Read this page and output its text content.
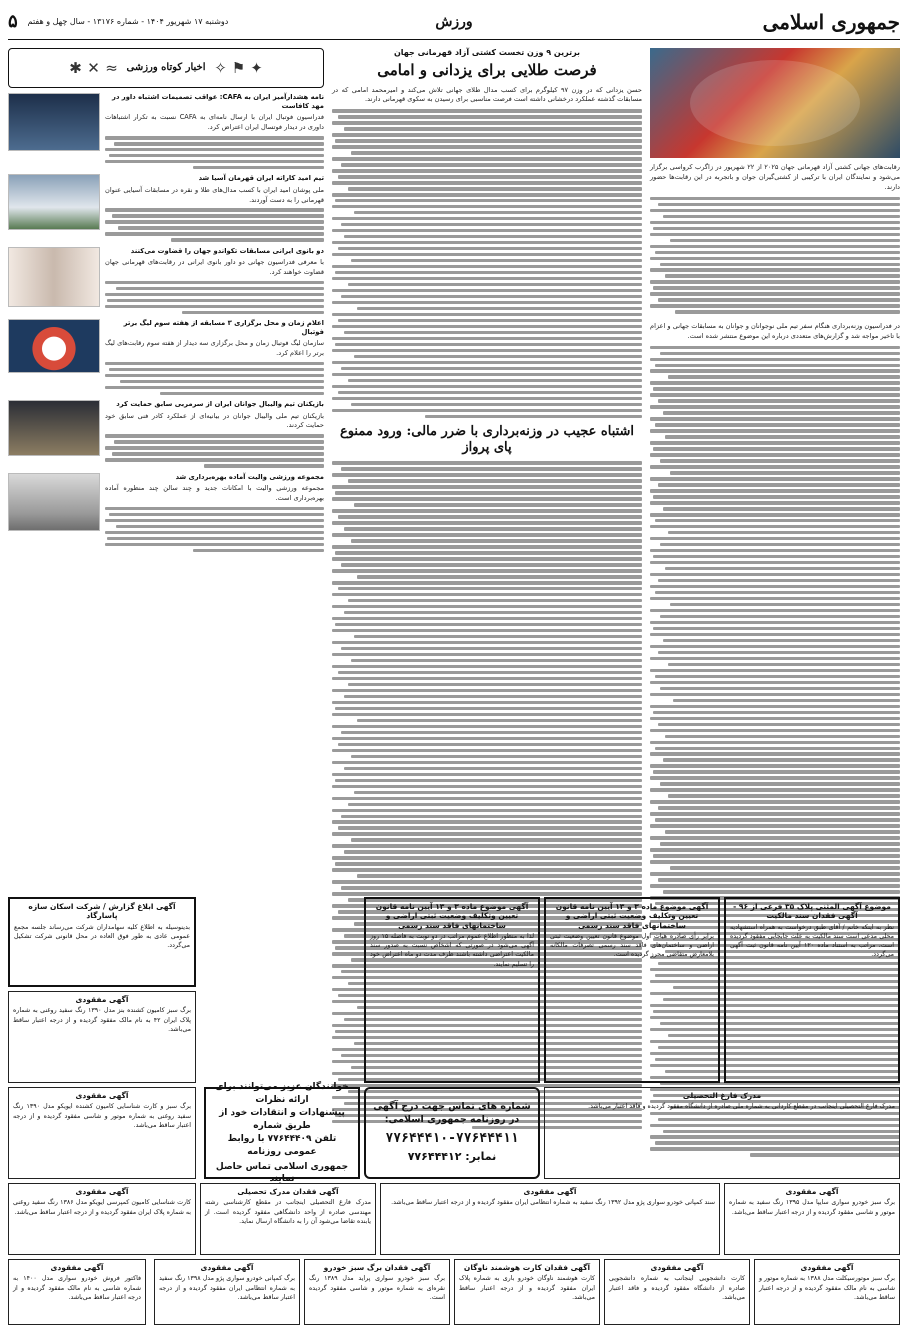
جمهوری اسلامی
ورزش
دوشنبه ۱۷ شهریور ۱۴۰۴ - شماره ۱۳۱۷۶ - سال چهل و هفتم
۵

رقابت‌های جهانی کشتی آزاد قهرمانی جهان ۲۰۲۵ از ۲۲ شهریور در زاگرب کرواسی برگزار می‌شود و نمایندگان ایران با ترکیبی از کشتی‌گیران جوان و باتجربه در این رقابت‌ها حضور دارند.

در فدراسیون وزنه‌برداری هنگام سفر تیم ملی نوجوانان و جوانان به مسابقات جهانی و اعزام با تاخیر مواجه شد و گزارش‌های متعددی درباره این موضوع منتشر شده است.

برترین ۹ وزن تخست کشتی آزاد قهرمانی جهان
فرصت طلایی برای یزدانی و امامی

حسن یزدانی که در وزن ۹۷ کیلوگرم برای کسب مدال طلای جهانی تلاش می‌کند و امیرمحمد امامی که در مسابقات گذشته عملکرد درخشانی داشته است فرصت مناسبی برای رسیدن به سکوی قهرمانی دارند.

اشتباه عجیب در وزنه‌برداری با ضرر مالی: ورود ممنوع پای پرواز
✦
⚑
✧
اخبار کوتاه ورزشی
≈
✕
✱
نامه هشدارآمیز ایران به CAFA: عواقب تصمیمات اشتباه داور در مهد کافاست

فدراسیون فوتبال ایران با ارسال نامه‌ای به CAFA نسبت به تکرار اشتباهات داوری در دیدار فوتسال ایران اعتراض کرد.

تیم امید کاراته ایران قهرمان آسیا شد

ملی پوشان امید ایران با کسب مدال‌های طلا و نقره در مسابقات آسیایی عنوان قهرمانی را به دست آوردند.

دو بانوی ایرانی مسابقات تکواندو جهان را قضاوت می‌کنند

با معرفی فدراسیون جهانی دو داور بانوی ایرانی در رقابت‌های قهرمانی جهان قضاوت خواهند کرد.

اعلام زمان و محل برگزاری ۳ مسابقه از هفته سوم لیگ برتر فوتبال

سازمان لیگ فوتبال زمان و محل برگزاری سه دیدار از هفته سوم رقابت‌های لیگ برتر را اعلام کرد.

بازیکنان تیم والیبال جوانان ایران از سرمربی سابق حمایت کرد

بازیکنان تیم ملی والیبال جوانان در بیانیه‌ای از عملکرد کادر فنی سابق خود حمایت کردند.

مجموعه ورزشی والیت آماده بهره‌برداری شد

مجموعه ورزشی والیت با امکانات جدید و چند سالن چند منظوره آماده بهره‌برداری است.

موضوع آگهی المثنی پلاک ۳۵ فرعی از ۹۶ - آگهی فقدان سند مالکیت
نظر به اینکه خانم / آقای طبق درخواست به همراه استشهادیه محلی مدعی است سند مالکیت به علت جابجایی مفقود گردیده است، مراتب به استناد ماده ۱۲۰ آیین نامه قانون ثبت آگهی می‌گردد.
آگهی موضوع ماده ۳ و ۱۳ آیین نامه قانون تعیین وتکلیف وضعیت ثبتی اراضی و ساختمانهای فاقد سند رسمی
برابر رأی صادره هیات اول موضوع قانون تعیین وضعیت ثبتی اراضی و ساختمان‌های فاقد سند رسمی تصرفات مالکانه بلامعارض متقاضی محرز گردیده است.
آگهی موضوع ماده ۳ و ۱۳ آیین نامه قانون تعیین وتکلیف وضعیت ثبتی اراضی و ساختمانهای فاقد سند رسمی
لذا به منظور اطلاع عموم مراتب در دو نوبت به فاصله ۱۵ روز آگهی می‌شود در صورتی که اشخاص نسبت به صدور سند مالکیت اعتراضی داشته باشند ظرف مدت دو ماه اعتراض خود را تسلیم نمایند.
آگهی ابلاغ گزارش / شرکت اسکان سازه پاسارگاد
بدینوسیله به اطلاع کلیه سهامداران شرکت می‌رساند جلسه مجمع عمومی عادی به طور فوق العاده در محل قانونی شرکت تشکیل می‌گردد.
آگهی مفقودی
برگ سبز کامیون کشنده بنز مدل ۱۳۹۰ رنگ سفید روغنی به شماره پلاک ایران ۴۲ به نام مالک مفقود گردیده و از درجه اعتبار ساقط می‌باشد.
شماره های تماس جهت درج آگهی
در روزنامه جمهوری اسلامی:
۷۷۶۴۴۴۱۰-۷۷۶۴۴۴۱۱
نمابر: ۷۷۶۴۴۴۱۲
خوانندگان عزیز می‌توانند برای ارائه نظرات
پیشنهادات و انتقادات خود از طریق شماره
تلفن ۷۷۶۴۴۴۰۹ با روابط عمومی روزنامه
جمهوری اسلامی تماس حاصل نمایند
مدرک فارغ التحصیلی
مدرک فارغ التحصیلی اینجانب در مقطع کاردانی به شماره ملی صادره از دانشگاه مفقود گردیده و فاقد اعتبار می‌باشد.
آگهی مفقودی
برگ سبز و کارت شناسایی کامیون کشنده ایویکو مدل ۱۳۹۰ رنگ سفید روغنی به شماره موتور و شاسی مفقود گردیده و از درجه اعتبار ساقط می‌باشد.
آگهی مفقودی
کارت شناسایی کامیون کمپرسی ایویکو مدل ۱۳۸۶ رنگ سفید روغنی به شماره پلاک ایران مفقود گردیده و از درجه اعتبار ساقط می‌باشد.
آگهی فقدان مدرک تحصیلی
مدرک فارغ التحصیلی اینجانب در مقطع کارشناسی رشته مهندسی صادره از واحد دانشگاهی مفقود گردیده است. از یابنده تقاضا می‌شود آن را به دانشگاه ارسال نماید.
آگهی مفقودی
سند کمپانی خودرو سواری پژو مدل ۱۳۹۲ رنگ سفید به شماره انتظامی ایران مفقود گردیده و از درجه اعتبار ساقط می‌باشد.
آگهی مفقودی
برگ سبز خودرو سواری سایپا مدل ۱۳۹۵ رنگ سفید به شماره موتور و شاسی مفقود گردیده و از درجه اعتبار ساقط می‌باشد.
آگهی مفقودی
برگ سبز موتورسیکلت مدل ۱۳۸۸ به شماره موتور و شاسی به نام مالک مفقود گردیده و از درجه اعتبار ساقط می‌باشد.
آگهی مفقودی
کارت دانشجویی اینجانب به شماره دانشجویی صادره از دانشگاه مفقود گردیده و فاقد اعتبار می‌باشد.
آگهی فقدان کارت هوشمند ناوگان
کارت هوشمند ناوگان خودرو باری به شماره پلاک ایران مفقود گردیده و از درجه اعتبار ساقط می‌باشد.
آگهی فقدان برگ سبز خودرو
برگ سبز خودرو سواری پراید مدل ۱۳۸۹ رنگ نقره‌ای به شماره موتور و شاسی مفقود گردیده است.
آگهی مفقودی
برگ کمپانی خودرو سواری پژو مدل ۱۳۹۸ رنگ سفید به شماره انتظامی ایران مفقود گردیده و از درجه اعتبار ساقط می‌باشد.
آگهی مفقودی
فاکتور فروش خودرو سواری مدل ۱۴۰۰ به شماره شاسی به نام مالک مفقود گردیده و از درجه اعتبار ساقط می‌باشد.
